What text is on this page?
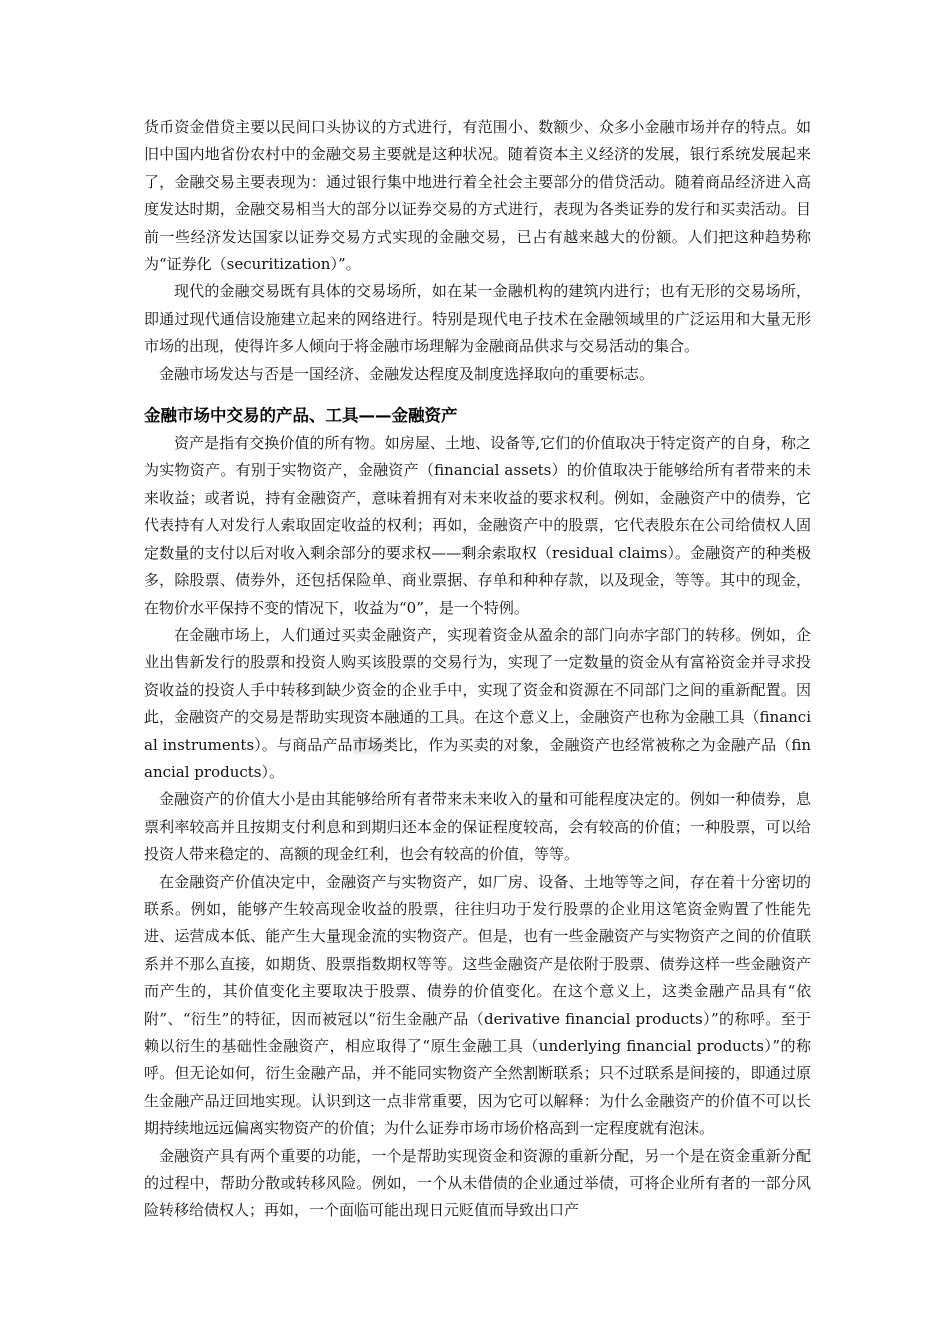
货币资金借贷主要以民间口头协议的方式进行，有范围小、数额少、众多小金融市场并存的特点。如旧中国内地省份农村中的金融交易主要就是这种状况。随着资本主义经济的发展，银行系统发展起来了，金融交易主要表现为：通过银行集中地进行着全社会主要部分的借贷活动。随着商品经济进入高度发达时期，金融交易相当大的部分以证券交易的方式进行，表现为各类证券的发行和买卖活动。目前一些经济发达国家以证券交易方式实现的金融交易，已占有越来越大的份额。人们把这种趋势称为“证券化（securitization）”。

现代的金融交易既有具体的交易场所，如在某一金融机构的建筑内进行；也有无形的交易场所，即通过现代通信设施建立起来的网络进行。特别是现代电子技术在金融领域里的广泛运用和大量无形市场的出现，使得许多人倾向于将金融市场理解为金融商品供求与交易活动的集合。

金融市场发达与否是一国经济、金融发达程度及制度选择取向的重要标志。

金融市场中交易的产品、工具——金融资产

资产是指有交换价值的所有物。如房屋、土地、设备等,它们的价值取决于特定资产的自身，称之为实物资产。有别于实物资产，金融资产（financial assets）的价值取决于能够给所有者带来的未来收益；或者说，持有金融资产，意味着拥有对未来收益的要求权利。例如，金融资产中的债券，它代表持有人对发行人索取固定收益的权利；再如，金融资产中的股票，它代表股东在公司给债权人固定数量的支付以后对收入剩余部分的要求权——剩余索取权（residual claims）。金融资产的种类极多，除股票、债券外，还包括保险单、商业票据、存单和种种存款，以及现金，等等。其中的现金，在物价水平保持不变的情况下，收益为“0”，是一个特例。

在金融市场上，人们通过买卖金融资产，实现着资金从盈余的部门向赤字部门的转移。例如，企业出售新发行的股票和投资人购买该股票的交易行为，实现了一定数量的资金从有富裕资金并寻求投资收益的投资人手中转移到缺少资金的企业手中，实现了资金和资源在不同部门之间的重新配置。因此，金融资产的交易是帮助实现资本融通的工具。在这个意义上，金融资产也称为金融工具（financial instruments）。与商品产品市场类比，作为买卖的对象，金融资产也经常被称之为金融产品（financial products）。

金融资产的价值大小是由其能够给所有者带来未来收入的量和可能程度决定的。例如一种债券，息票利率较高并且按期支付利息和到期归还本金的保证程度较高，会有较高的价值；一种股票，可以给投资人带来稳定的、高额的现金红利，也会有较高的价值，等等。

在金融资产价值决定中，金融资产与实物资产，如厂房、设备、土地等等之间，存在着十分密切的联系。例如，能够产生较高现金收益的股票，往往归功于发行股票的企业用这笔资金购置了性能先进、运营成本低、能产生大量现金流的实物资产。但是，也有一些金融资产与实物资产之间的价值联系并不那么直接，如期货、股票指数期权等等。这些金融资产是依附于股票、债券这样一些金融资产而产生的，其价值变化主要取决于股票、债券的价值变化。在这个意义上，这类金融产品具有“依附”、“衍生”的特征，因而被冠以“衍生金融产品（derivative financial products）”的称呼。至于赖以衍生的基础性金融资产，相应取得了“原生金融工具（underlying financial products）”的称呼。但无论如何，衍生金融产品，并不能同实物资产全然割断联系；只不过联系是间接的，即通过原生金融产品迂回地实现。认识到这一点非常重要，因为它可以解释：为什么金融资产的价值不可以长期持续地远远偏离实物资产的价值；为什么证券市场市场价格高到一定程度就有泡沫。

金融资产具有两个重要的功能，一个是帮助实现资金和资源的重新分配，另一个是在资金重新分配的过程中，帮助分散或转移风险。例如，一个从未借债的企业通过举债，可将企业所有者的一部分风险转移给债权人；再如，一个面临可能出现日元贬值而导致出口产
